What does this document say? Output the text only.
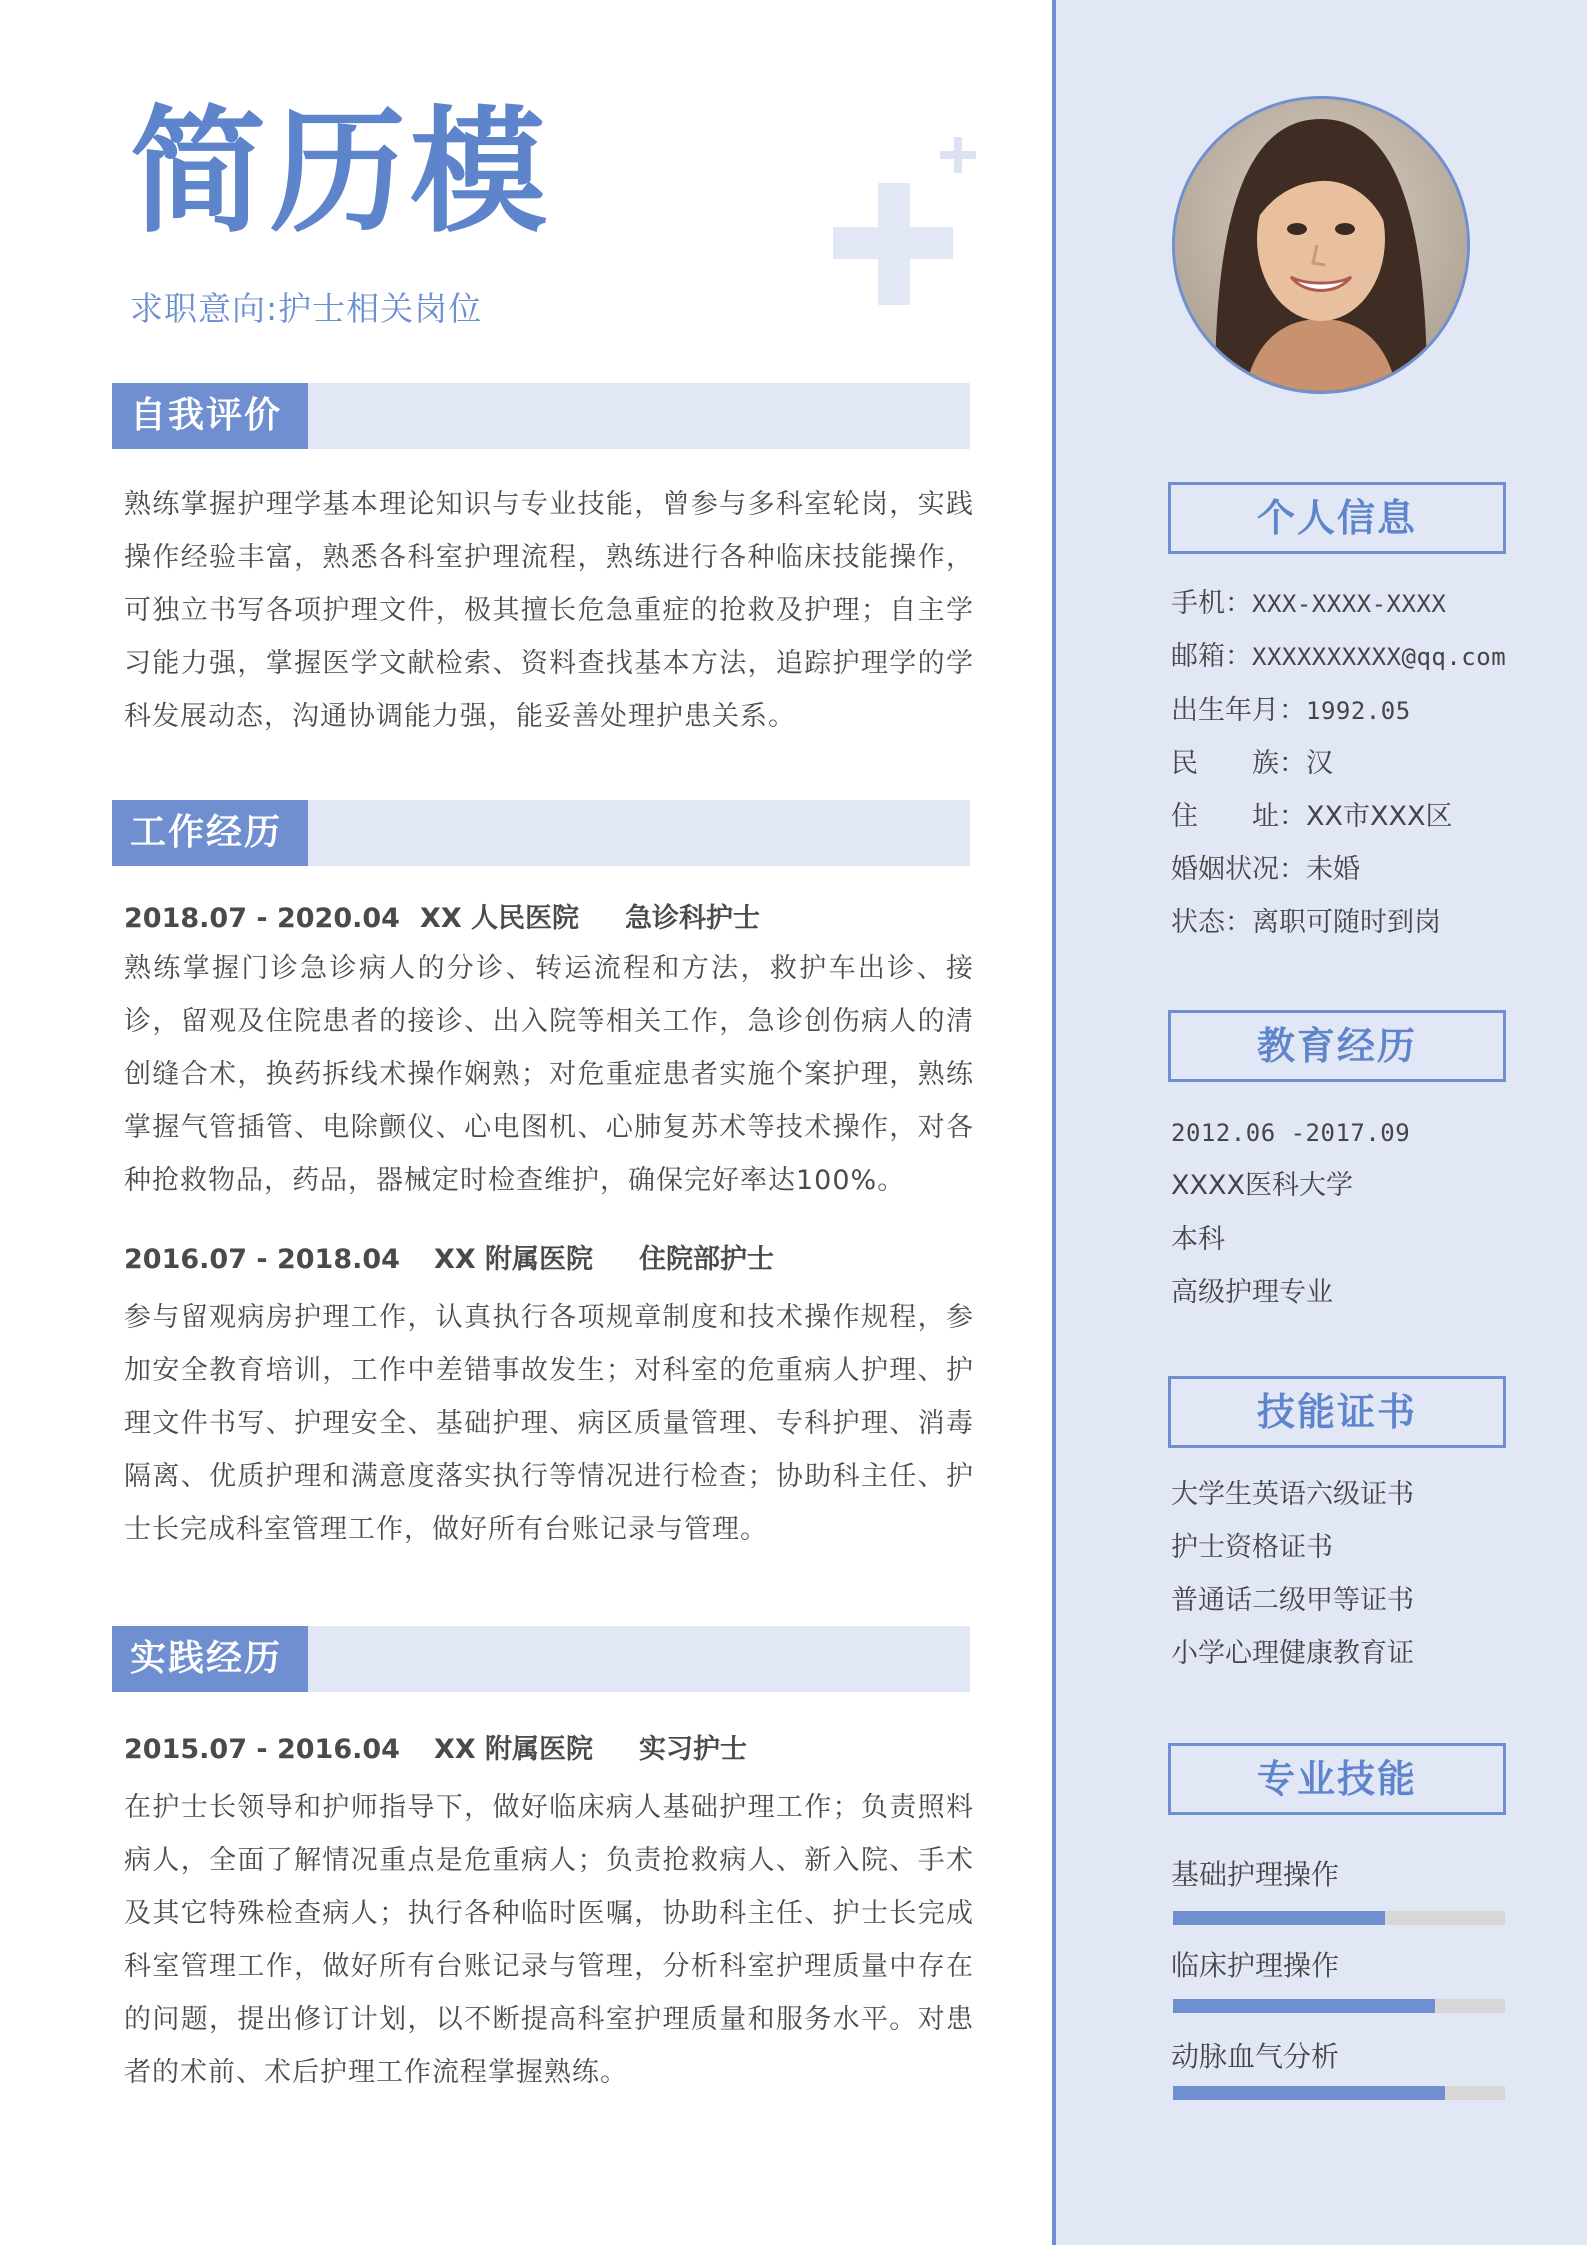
简历模
求职意向:护士相关岗位
自我评价
熟练掌握护理学基本理论知识与专业技能，曾参与多科室轮岗，实践操作经验丰富，熟悉各科室护理流程，熟练进行各种临床技能操作，可独立书写各项护理文件，极其擅长危急重症的抢救及护理；自主学习能力强，掌握医学文献检索、资料查找基本方法，追踪护理学的学科发展动态，沟通协调能力强，能妥善处理护患关系。
工作经历
2018.07 - 2020.04 XX 人民医院 急诊科护士
熟练掌握门诊急诊病人的分诊、转运流程和方法，救护车出诊、接诊，留观及住院患者的接诊、出入院等相关工作，急诊创伤病人的清创缝合术，换药拆线术操作娴熟；对危重症患者实施个案护理，熟练掌握气管插管、电除颤仪、心电图机、心肺复苏术等技术操作，对各种抢救物品，药品，器械定时检查维护，确保完好率达100%。
2016.07 - 2018.04 XX 附属医院 住院部护士
参与留观病房护理工作，认真执行各项规章制度和技术操作规程，参加安全教育培训，工作中差错事故发生；对科室的危重病人护理、护理文件书写、护理安全、基础护理、病区质量管理、专科护理、消毒隔离、优质护理和满意度落实执行等情况进行检查；协助科主任、护士长完成科室管理工作，做好所有台账记录与管理。
实践经历
2015.07 - 2016.04 XX 附属医院 实习护士
在护士长领导和护师指导下，做好临床病人基础护理工作；负责照料病人，全面了解情况重点是危重病人；负责抢救病人、新入院、手术及其它特殊检查病人；执行各种临时医嘱，协助科主任、护士长完成科室管理工作，做好所有台账记录与管理，分析科室护理质量中存在的问题，提出修订计划，以不断提高科室护理质量和服务水平。对患者的术前、术后护理工作流程掌握熟练。
个人信息
手机：XXX-XXXX-XXXX
邮箱：XXXXXXXXXX@qq.com
出生年月：1992.05
民　　族：汉
住　　址：XX市XXX区
婚姻状况：未婚
状态：离职可随时到岗
教育经历
2012.06 -2017.09
XXXX医科大学
本科
高级护理专业
技能证书
大学生英语六级证书
护士资格证书
普通话二级甲等证书
小学心理健康教育证
专业技能
基础护理操作
临床护理操作
动脉血气分析
